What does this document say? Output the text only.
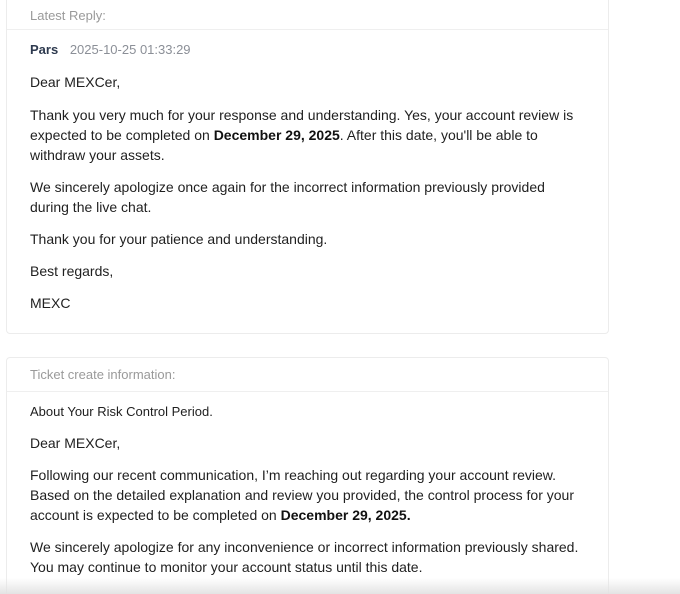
Latest Reply:
Pars 2025-10-25 01:33:29

Dear MEXCer,

Thank you very much for your response and understanding. Yes, your account review is expected to be completed on December 29, 2025. After this date, you'll be able to withdraw your assets.

We sincerely apologize once again for the incorrect information previously provided during the live chat.

Thank you for your patience and understanding.

Best regards,

MEXC

Ticket create information:

About Your Risk Control Period.

Dear MEXCer,

Following our recent communication, I’m reaching out regarding your account review. Based on the detailed explanation and review you provided, the control process for your account is expected to be completed on December 29, 2025.

We sincerely apologize for any inconvenience or incorrect information previously shared. You may continue to monitor your account status until this date.
